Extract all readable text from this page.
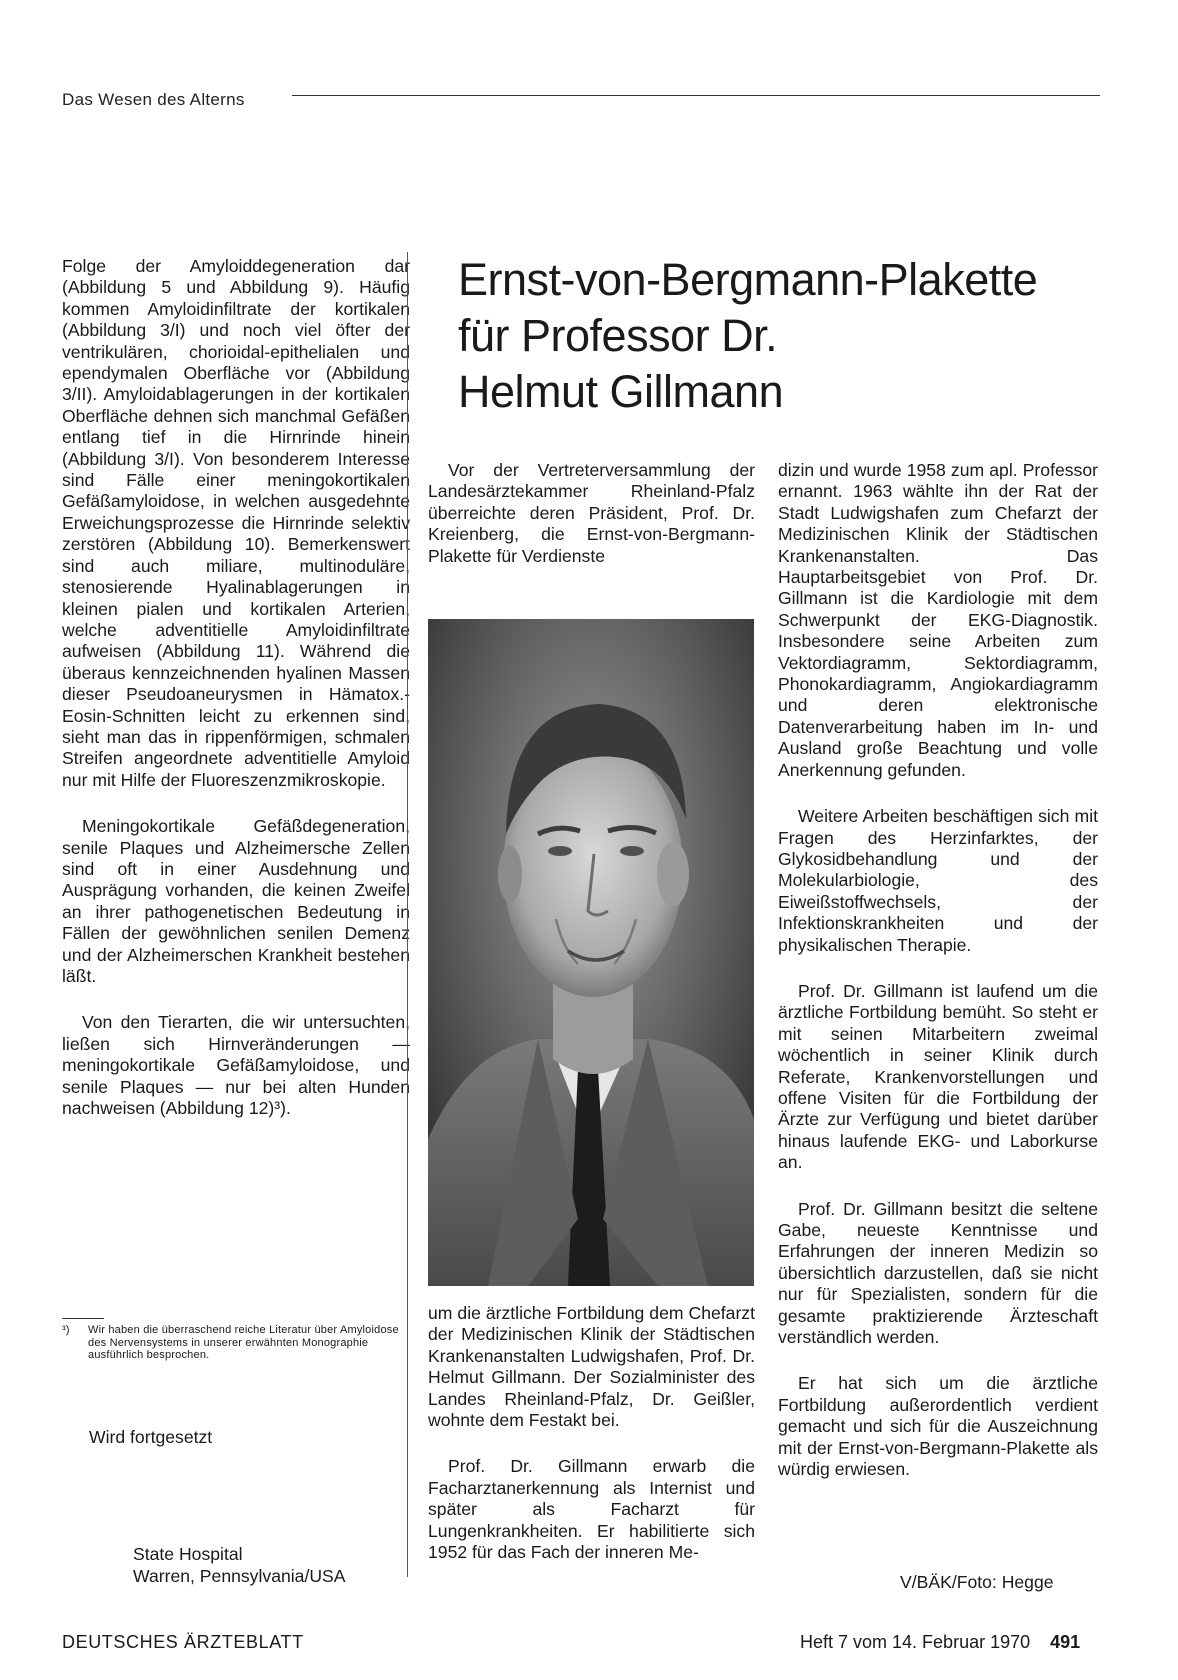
Das Wesen des Alterns

Folge der Amyloiddegeneration dar (Abbildung 5 und Abbildung 9). Häufig kommen Amyloidinfiltrate der kortikalen (Abbildung 3/I) und noch viel öfter der ventrikulären, chorioidal-epithelialen und ependymalen Oberfläche vor (Abbildung 3/II). Amyloidablagerungen in der kortikalen Oberfläche dehnen sich manchmal Gefäßen entlang tief in die Hirnrinde hinein (Abbildung 3/I). Von besonderem Interesse sind Fälle einer meningokortikalen Gefäßamyloidose, in welchen ausgedehnte Erweichungsprozesse die Hirnrinde selektiv zerstören (Abbildung 10). Bemerkenswert sind auch miliare, multinoduläre, stenosierende Hyalinablagerungen in kleinen pialen und kortikalen Arterien, welche adventitielle Amyloidinfiltrate aufweisen (Abbildung 11). Während die überaus kennzeichnenden hyalinen Massen dieser Pseudoaneurysmen in Hämatox.-Eosin-Schnitten leicht zu erkennen sind, sieht man das in rippenförmigen, schmalen Streifen angeordnete adventitielle Amyloid nur mit Hilfe der Fluoreszenzmikroskopie.

Meningokortikale Gefäßdegeneration, senile Plaques und Alzheimersche Zellen sind oft in einer Ausdehnung und Ausprägung vorhanden, die keinen Zweifel an ihrer pathogenetischen Bedeutung in Fällen der gewöhnlichen senilen Demenz und der Alzheimerschen Krankheit bestehen läßt.

Von den Tierarten, die wir untersuchten, ließen sich Hirnveränderungen — meningokortikale Gefäßamyloidose, und senile Plaques — nur bei alten Hunden nachweisen (Abbildung 12)³).

³)	Wir haben die überraschend reiche Literatur über Amyloidose des Nervensystems in unserer erwähnten Monographie ausführlich besprochen.
Wird fortgesetzt
State Hospital
Warren, Pennsylvania/USA
Ernst-von-Bergmann-Plakette
für Professor Dr.
Helmut Gillmann

Vor der Vertreterversammlung der Landesärztekammer Rheinland-Pfalz überreichte deren Präsident, Prof. Dr. Kreienberg, die Ernst-von-Bergmann-Plakette für Verdienste

um die ärztliche Fortbildung dem Chefarzt der Medizinischen Klinik der Städtischen Krankenanstalten Ludwigshafen, Prof. Dr. Helmut Gillmann. Der Sozialminister des Landes Rheinland-Pfalz, Dr. Geißler, wohnte dem Festakt bei.

Prof. Dr. Gillmann erwarb die Facharztanerkennung als Internist und später als Facharzt für Lungenkrankheiten. Er habilitierte sich 1952 für das Fach der inneren Me-

dizin und wurde 1958 zum apl. Professor ernannt. 1963 wählte ihn der Rat der Stadt Ludwigshafen zum Chefarzt der Medizinischen Klinik der Städtischen Krankenanstalten. Das Hauptarbeitsgebiet von Prof. Dr. Gillmann ist die Kardiologie mit dem Schwerpunkt der EKG-Diagnostik. Insbesondere seine Arbeiten zum Vektordiagramm, Sektordiagramm, Phonokardiagramm, Angiokardiagramm und deren elektronische Datenverarbeitung haben im In- und Ausland große Beachtung und volle Anerkennung gefunden.

Weitere Arbeiten beschäftigen sich mit Fragen des Herzinfarktes, der Glykosidbehandlung und der Molekularbiologie, des Eiweißstoffwechsels, der Infektionskrankheiten und der physikalischen Therapie.

Prof. Dr. Gillmann ist laufend um die ärztliche Fortbildung bemüht. So steht er mit seinen Mitarbeitern zweimal wöchentlich in seiner Klinik durch Referate, Krankenvorstellungen und offene Visiten für die Fortbildung der Ärzte zur Verfügung und bietet darüber hinaus laufende EKG- und Laborkurse an.

Prof. Dr. Gillmann besitzt die seltene Gabe, neueste Kenntnisse und Erfahrungen der inneren Medizin so übersichtlich darzustellen, daß sie nicht nur für Spezialisten, sondern für die gesamte praktizierende Ärzteschaft verständlich werden.

Er hat sich um die ärztliche Fortbildung außerordentlich verdient gemacht und sich für die Auszeichnung mit der Ernst-von-Bergmann-Plakette als würdig erwiesen.

V/BÄK/Foto: Hegge
DEUTSCHES ÄRZTEBLATT	Heft 7 vom 14. Februar 1970 491
